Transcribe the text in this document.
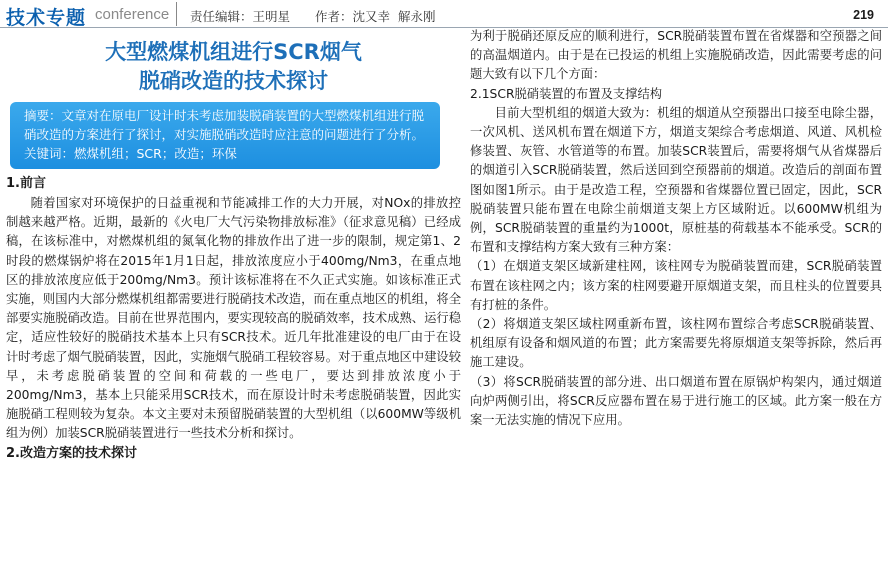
技术专题 conference 责任编辑：王明星　　作者：沈又幸  解永刚	219
大型燃煤机组进行SCR烟气
脱硝改造的技术探讨

摘要：文章对在原电厂设计时未考虑加装脱硝装置的大型燃煤机组进行脱硝改造的方案进行了探讨，对实施脱硝改造时应注意的问题进行了分析。

关键词：燃煤机组；SCR；改造；环保

1.前言

随着国家对环境保护的日益重视和节能减排工作的大力开展，对NOx的排放控制越来越严格。近期，最新的《火电厂大气污染物排放标准》（征求意见稿）已经成稿，在该标准中，对燃煤机组的氮氧化物的排放作出了进一步的限制，规定第1、2时段的燃煤锅炉将在2015年1月1日起，排放浓度应小于400mg/Nm3，在重点地区的排放浓度应低于200mg/Nm3。预计该标准将在不久正式实施。如该标准正式实施，则国内大部分燃煤机组都需要进行脱硝技术改造，而在重点地区的机组，将全部要实施脱硝改造。目前在世界范围内，要实现较高的脱硝效率，技术成熟、运行稳定，适应性较好的脱硝技术基本上只有SCR技术。近几年批准建设的电厂由于在设计时考虑了烟气脱硝装置，因此，实施烟气脱硝工程较容易。对于重点地区中建设较早，未考虑脱硝装置的空间和荷载的一些电厂，要达到排放浓度小于200mg/Nm3，基本上只能采用SCR技术，而在原设计时未考虑脱硝装置，因此实施脱硝工程则较为复杂。本文主要对未预留脱硝装置的大型机组（以600MW等级机组为例）加装SCR脱硝装置进行一些技术分析和探讨。

2.改造方案的技术探讨

为利于脱硝还原反应的顺利进行，SCR脱硝装置布置在省煤器和空预器之间的高温烟道内。由于是在已投运的机组上实施脱硝改造，因此需要考虑的问题大致有以下几个方面：

2.1SCR脱硝装置的布置及支撑结构

目前大型机组的烟道大致为：机组的烟道从空预器出口接至电除尘器，一次风机、送风机布置在烟道下方，烟道支架综合考虑烟道、风道、风机检修装置、灰管、水管道等的布置。加装SCR装置后，需要将烟气从省煤器后的烟道引入SCR脱硝装置，然后送回到空预器前的烟道。改造后的剖面布置图如图1所示。由于是改造工程，空预器和省煤器位置已固定，因此，SCR脱硝装置只能布置在电除尘前烟道支架上方区域附近。以600MW机组为例，SCR脱硝装置的重量约为1000t，原桩基的荷载基本不能承受。SCR的布置和支撑结构方案大致有三种方案：

（1）在烟道支架区域新建柱网，该柱网专为脱硝装置而建，SCR脱硝装置布置在该柱网之内；该方案的柱网要避开原烟道支架，而且柱头的位置要具有打桩的条件。

（2）将烟道支架区域柱网重新布置，该柱网布置综合考虑SCR脱硝装置、机组原有设备和烟风道的布置；此方案需要先将原烟道支架等拆除，然后再施工建设。

（3）将SCR脱硝装置的部分进、出口烟道布置在原锅炉构架内，通过烟道向炉两侧引出，将SCR反应器布置在易于进行施工的区域。此方案一般在方案一无法实施的情况下应用。
